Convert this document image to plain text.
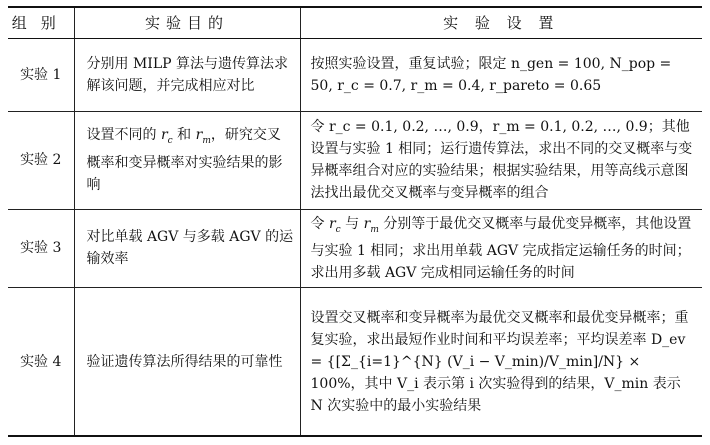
组别	实验目的	实 验 设 置
实验 1	分别用 MILP 算法与遗传算法求解该问题，并完成相应对比	按照实验设置，重复试验；限定 n_gen = 100, N_pop = 50, r_c = 0.7, r_m = 0.4, r_pareto = 0.65
实验 2	设置不同的 $r_c$ 和 $r_m$，研究交叉概率和变异概率对实验结果的影响	令 r_c = 0.1, 0.2, …, 0.9，r_m = 0.1, 0.2, …, 0.9；其他设置与实验 1 相同；运行遗传算法，求出不同的交叉概率与变异概率组合对应的实验结果；根据实验结果，用等高线示意图法找出最优交叉概率与变异概率的组合
实验 3	对比单载 AGV 与多载 AGV 的运输效率	令 $r_c$ 与 $r_m$ 分别等于最优交叉概率与最优变异概率，其他设置与实验 1 相同；求出用单载 AGV 完成指定运输任务的时间；求出用多载 AGV 完成相同运输任务的时间
实验 4	验证遗传算法所得结果的可靠性	设置交叉概率和变异概率为最优交叉概率和最优变异概率；重复实验，求出最短作业时间和平均误差率；平均误差率 D_ev = {[Σ_{i=1}^{N} (V_i − V_min)/V_min]/N} × 100%，其中 V_i 表示第 i 次实验得到的结果，V_min 表示 N 次实验中的最小实验结果
